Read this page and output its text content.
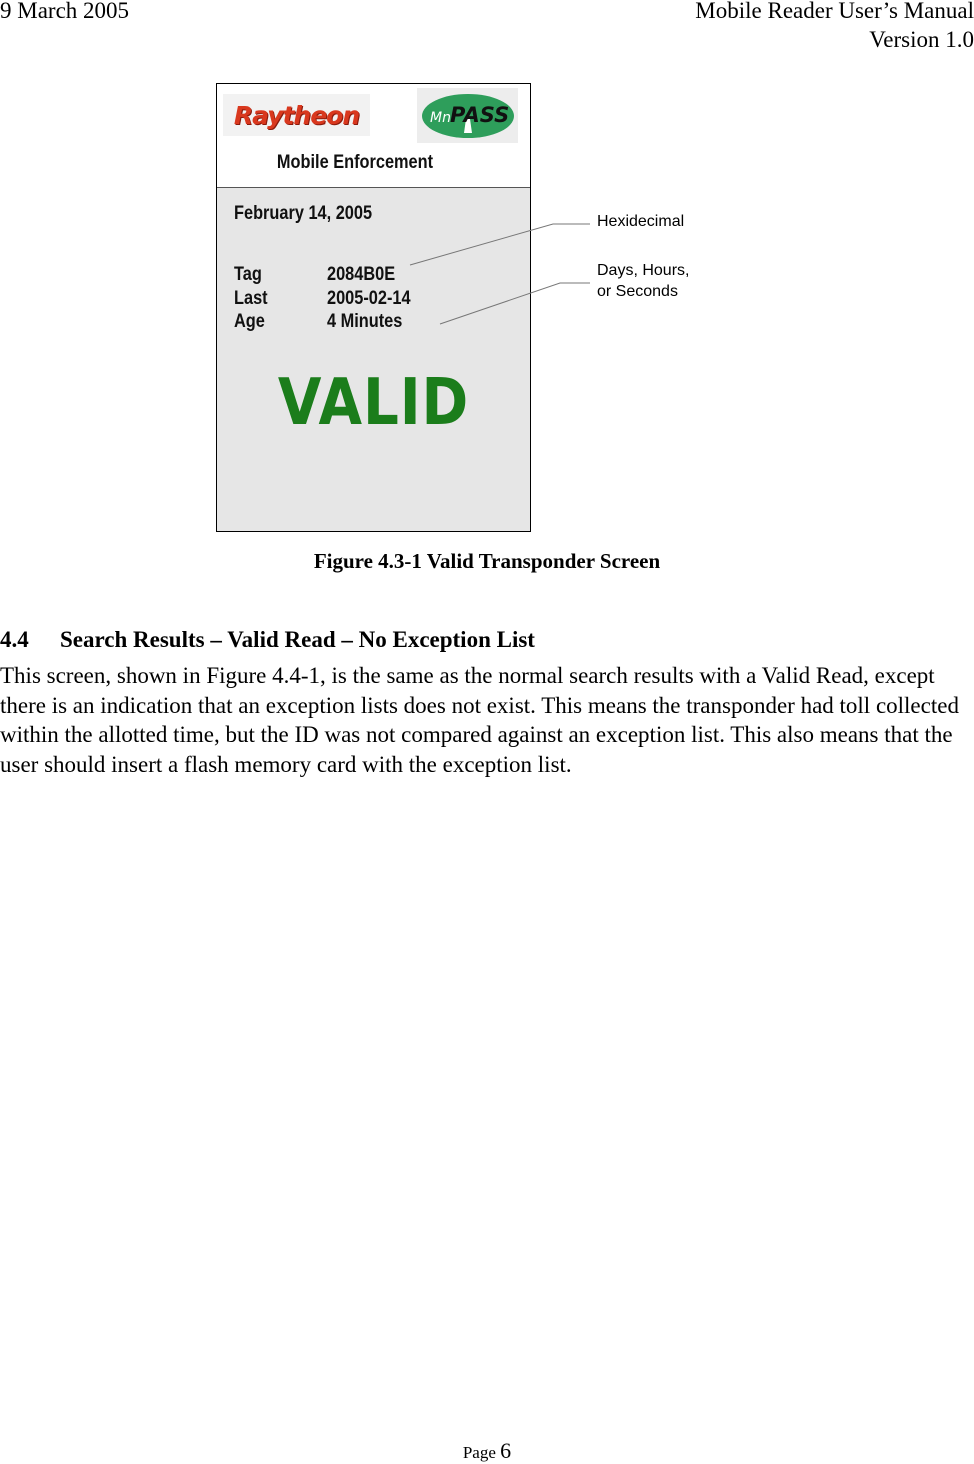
9 March 2005	Mobile Reader User’s Manual
Version 1.0
Raytheon	Mn PASS
Mobile Enforcement
February 14, 2005
Tag	2084B0E
Last	2005-02-14
Age	4 Minutes
VALID
Hexidecimal
Days, Hours,
or Seconds
Figure 4.3-1 Valid Transponder Screen
4.4 Search Results – Valid Read – No Exception List

This screen, shown in Figure 4.4-1, is the same as the normal search results with a Valid Read, except there is an indication that an exception lists does not exist. This means the transponder had toll collected within the allotted time, but the ID was not compared against an exception list. This also means that the user should insert a flash memory card with the exception list.

Page 6
